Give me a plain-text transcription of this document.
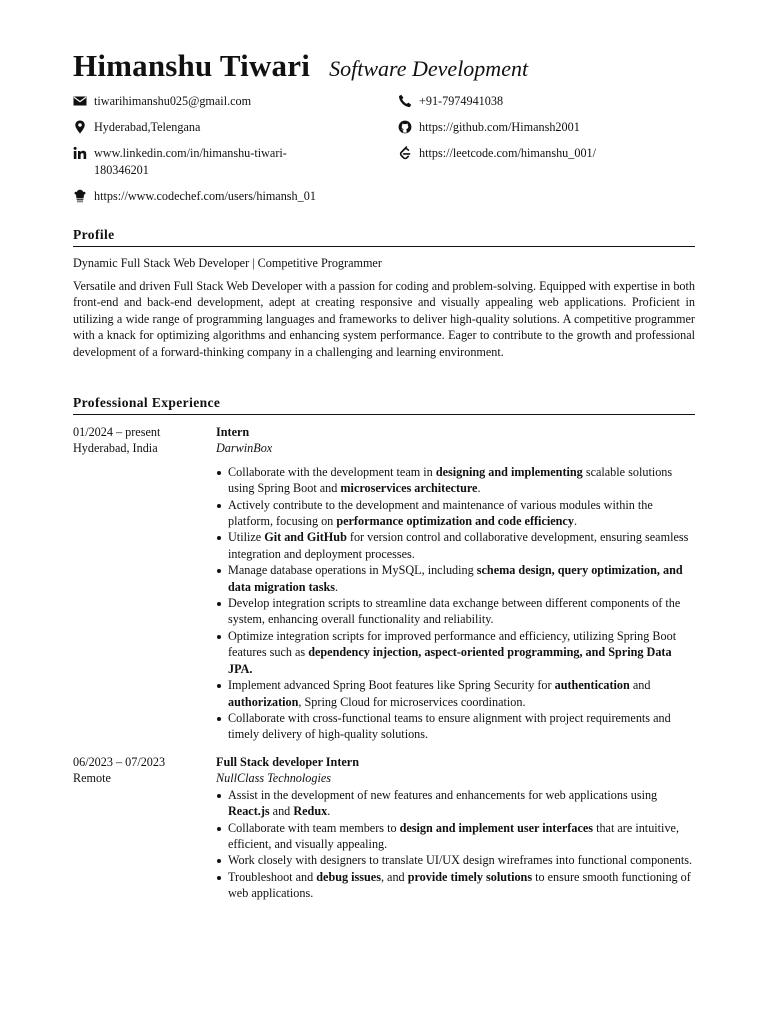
Himanshu Tiwari Software Development
tiwarihimanshu025@gmail.com
Hyderabad,Telengana
www.linkedin.com/in/himanshu-tiwari-
180346201
https://www.codechef.com/users/himansh_01
+91-7974941038
https://github.com/Himansh2001
https://leetcode.com/himanshu_001/
Profile
Dynamic Full Stack Web Developer | Competitive Programmer
Versatile and driven Full Stack Web Developer with a passion for coding and problem-solving. Equipped with expertise in both front-end and back-end development, adept at creating responsive and visually appealing web applications. Proficient in utilizing a wide range of programming languages and frameworks to deliver high-quality solutions. A competitive programmer with a knack for optimizing algorithms and enhancing system performance. Eager to contribute to the growth and professional development of a forward-thinking company in a challenging and learning environment.
Professional Experience
01/2024 – present
Hyderabad, India
Intern
DarwinBox
Collaborate with the development team in designing and implementing scalable solutions using Spring Boot and microservices architecture.
Actively contribute to the development and maintenance of various modules within the platform, focusing on performance optimization and code efficiency.
Utilize Git and GitHub for version control and collaborative development, ensuring seamless integration and deployment processes.
Manage database operations in MySQL, including schema design, query optimization, and data migration tasks.
Develop integration scripts to streamline data exchange between different components of the system, enhancing overall functionality and reliability.
Optimize integration scripts for improved performance and efficiency, utilizing Spring Boot features such as dependency injection, aspect-oriented programming, and Spring Data JPA.
Implement advanced Spring Boot features like Spring Security for authentication and authorization, Spring Cloud for microservices coordination.
Collaborate with cross-functional teams to ensure alignment with project requirements and timely delivery of high-quality solutions.
06/2023 – 07/2023
Remote
Full Stack developer Intern
NullClass Technologies
Assist in the development of new features and enhancements for web applications using React.js and Redux.
Collaborate with team members to design and implement user interfaces that are intuitive, efficient, and visually appealing.
Work closely with designers to translate UI/UX design wireframes into functional components.
Troubleshoot and debug issues, and provide timely solutions to ensure smooth functioning of web applications.
